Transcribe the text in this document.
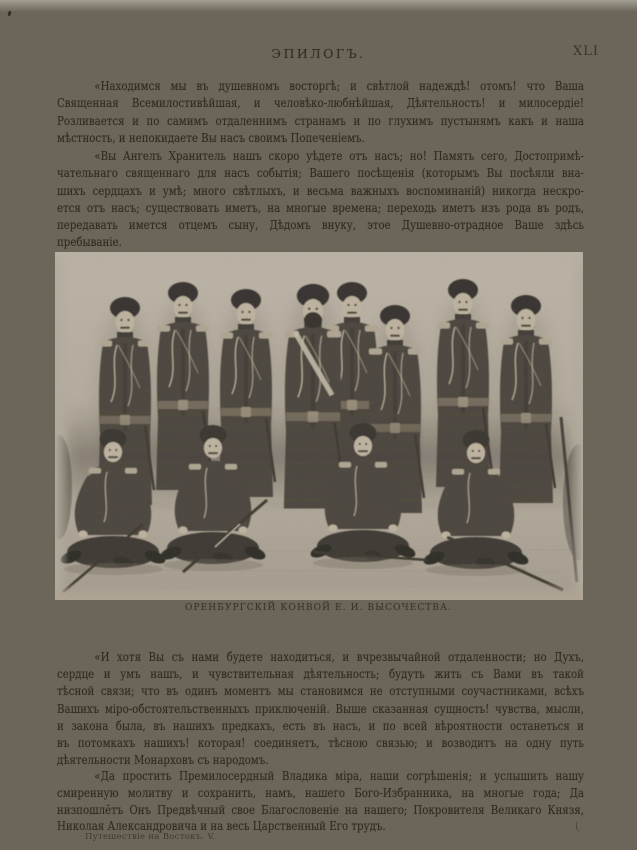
ЭПИЛОГЪ.	XLI
«Находимся мы въ душевномъ восторгѣ; и свѣтлой надеждѣ! отомъ! что Ваша
Священная Всемилостивѣйшая, и человѣко-любнѣйшая, Дѣятельность! и милосердіе!
Розливается и по самимъ отдаленнимъ странамъ и по глухимъ пустынямъ какъ и наша
мѣстность, и непокидаете Вы насъ своимъ Попеченіемъ.
«Вы Ангелъ Хранитель нашъ скоро уѣдете отъ насъ; но! Память сего, Достопримѣ-
чательнаго священнаго для насъ событія; Вашего посѣщенія (которымъ Вы посѣяли вна-
шихъ сердцахъ и умѣ; много свѣтлыхъ, и весьма важныхъ воспоминаній) никогда нескро-
ется отъ насъ; существовать иметъ, на многые времена; переходь иметъ изъ рода въ родъ,
передавать имется отцемъ сыну, Дѣдомъ внуку, этое Душевно-отрадное Ваше здѣсь
пребываніе.
ОРЕНБУРГСКІЙ КОНВОЙ Е. И. ВЫСОЧЕСТВА.
«И хотя Вы съ нами будете находиться, и вчрезвычайной отдаленности; но Духъ,
сердце и умъ нашъ, и чувствительная дѣятельность; будуть жить съ Вами въ такой
тѣсной связи; что въ одинъ моментъ мы становимся не отступными соучастниками, всѣхъ
Вашихъ міро-обстоятельственныхъ приключеній. Выше сказанная сущность! чувства, мысли,
и закона была, въ нашихъ предкахъ, есть въ насъ, и по всей вѣроятности останеться и
въ потомкахъ нашихъ! которая! соединяетъ, тѣсною связью; и возводитъ на одну путь
дѣятельности Монарховъ съ народомъ.
«Да простить Премилосердный Владика міра, наши согрѣшенія; и услышить нашу
смиренную молитву и сохранить, намъ, нашего Бого-Избранника, на многые года; Да
низпошлётъ Онъ Предвѣчный свое Благословеніе на нашего; Покровителя Великаго Князя,
Николая Александровича и на весь Царственный Его трудъ.
Путешествіе на Востокъ. V.
(
